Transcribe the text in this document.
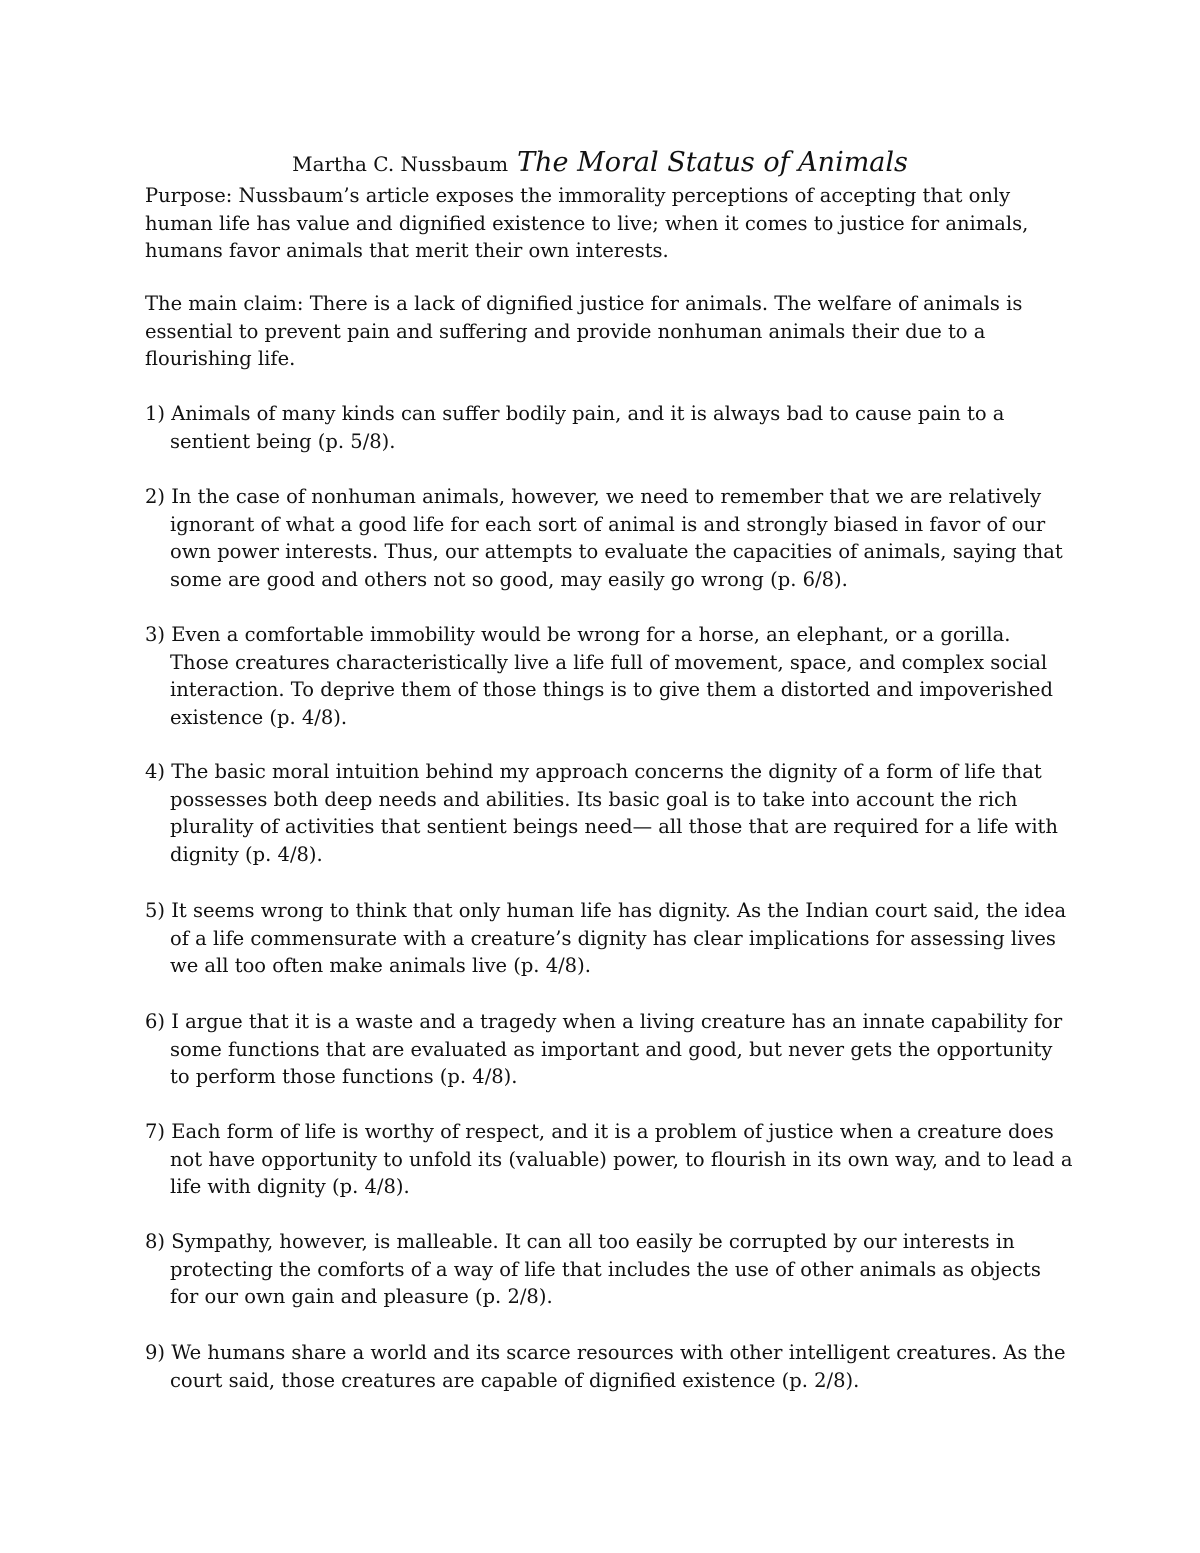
Martha C. Nussbaum The Moral Status of Animals
Purpose: Nussbaum’s article exposes the immorality perceptions of accepting that only human life has value and dignified existence to live; when it comes to justice for animals, humans favor animals that merit their own interests.
The main claim: There is a lack of dignified justice for animals. The welfare of animals is essential to prevent pain and suffering and provide nonhuman animals their due to a flourishing life.
1) Animals of many kinds can suffer bodily pain, and it is always bad to cause pain to a sentient being (p. 5/8).
2) In the case of nonhuman animals, however, we need to remember that we are relatively ignorant of what a good life for each sort of animal is and strongly biased in favor of our own power interests. Thus, our attempts to evaluate the capacities of animals, saying that some are good and others not so good, may easily go wrong (p. 6/8).
3) Even a comfortable immobility would be wrong for a horse, an elephant, or a gorilla. Those creatures characteristically live a life full of movement, space, and complex social interaction. To deprive them of those things is to give them a distorted and impoverished existence (p. 4/8).
4) The basic moral intuition behind my approach concerns the dignity of a form of life that possesses both deep needs and abilities. Its basic goal is to take into account the rich plurality of activities that sentient beings need— all those that are required for a life with dignity (p. 4/8).
5) It seems wrong to think that only human life has dignity. As the Indian court said, the idea of a life commensurate with a creature’s dignity has clear implications for assessing lives we all too often make animals live (p. 4/8).
6) I argue that it is a waste and a tragedy when a living creature has an innate capability for some functions that are evaluated as important and good, but never gets the opportunity to perform those functions (p. 4/8).
7) Each form of life is worthy of respect, and it is a problem of justice when a creature does not have opportunity to unfold its (valuable) power, to flourish in its own way, and to lead a life with dignity (p. 4/8).
8) Sympathy, however, is malleable. It can all too easily be corrupted by our interests in protecting the comforts of a way of life that includes the use of other animals as objects for our own gain and pleasure (p. 2/8).
9) We humans share a world and its scarce resources with other intelligent creatures. As the court said, those creatures are capable of dignified existence (p. 2/8).
